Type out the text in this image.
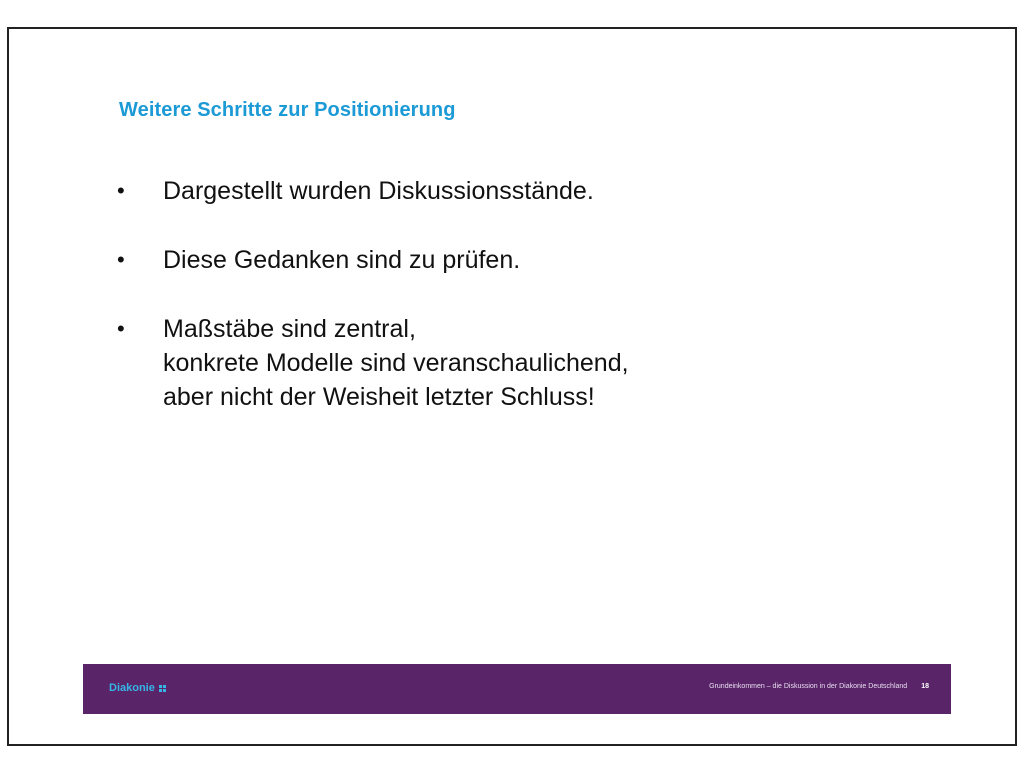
Weitere Schritte zur Positionierung
•	Dargestellt wurden Diskussionsstände.
•	Diese Gedanken sind zu prüfen.
•	Maßstäbe sind zentral,
konkrete Modelle sind veranschaulichend,
aber nicht der Weisheit letzter Schluss!
Diakonie	Grundeinkommen – die Diskussion in der Diakonie Deutschland 18
